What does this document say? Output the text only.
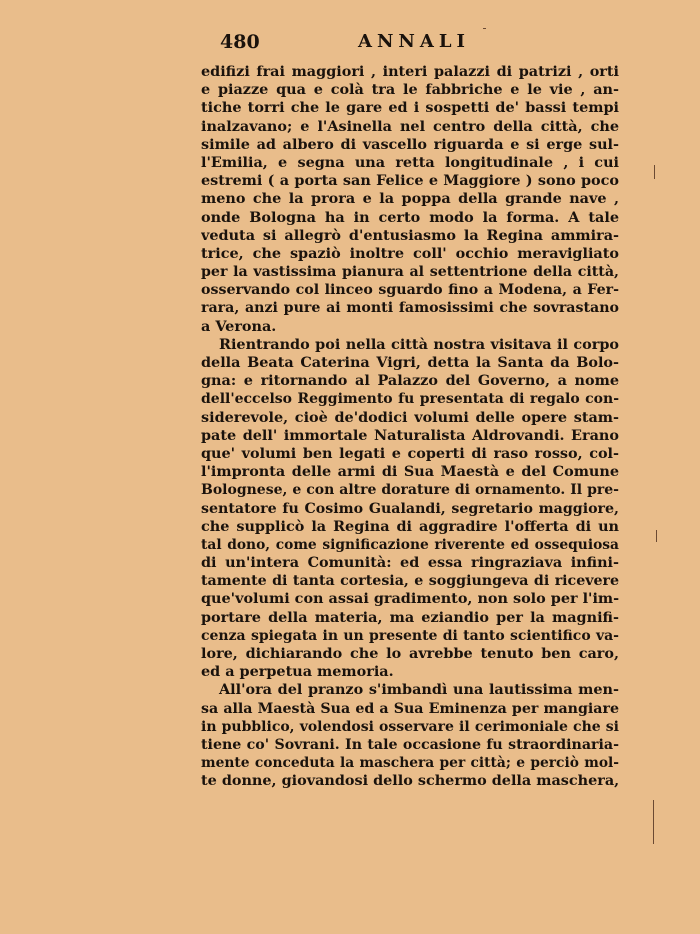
480	ANNALI
edifizi frai maggiori , interi palazzi di patrizi , orti
e piazze qua e colà tra le fabbriche e le vie , an-
tiche torri che le gare ed i sospetti de' bassi tempi
inalzavano; e l'Asinella nel centro della città, che
simile ad albero di vascello riguarda e si erge sul-
l'Emilia, e segna una retta longitudinale , i cui
estremi ( a porta san Felice e Maggiore ) sono poco
meno che la prora e la poppa della grande nave ,
onde Bologna ha in certo modo la forma. A tale
veduta si allegrò d'entusiasmo la Regina ammira-
trice, che spaziò inoltre coll' occhio meravigliato
per la vastissima pianura al settentrione della città,
osservando col linceo sguardo fino a Modena, a Fer-
rara, anzi pure ai monti famosissimi che sovrastano
a Verona.
Rientrando poi nella città nostra visitava il corpo
della Beata Caterina Vigri, detta la Santa da Bolo-
gna: e ritornando al Palazzo del Governo, a nome
dell'eccelso Reggimento fu presentata di regalo con-
siderevole, cioè de'dodici volumi delle opere stam-
pate dell' immortale Naturalista Aldrovandi. Erano
que' volumi ben legati e coperti di raso rosso, col-
l'impronta delle armi di Sua Maestà e del Comune
Bolognese, e con altre dorature di ornamento. Il pre-
sentatore fu Cosimo Gualandi, segretario maggiore,
che supplicò la Regina di aggradire l'offerta di un
tal dono, come significazione riverente ed ossequiosa
di un'intera Comunità: ed essa ringraziava infini-
tamente di tanta cortesia, e soggiungeva di ricevere
que'volumi con assai gradimento, non solo per l'im-
portare della materia, ma eziandio per la magnifi-
cenza spiegata in un presente di tanto scientifico va-
lore, dichiarando che lo avrebbe tenuto ben caro,
ed a perpetua memoria.
All'ora del pranzo s'imbandì una lautissima men-
sa alla Maestà Sua ed a Sua Eminenza per mangiare
in pubblico, volendosi osservare il cerimoniale che si
tiene co' Sovrani. In tale occasione fu straordinaria-
mente conceduta la maschera per città; e perciò mol-
te donne, giovandosi dello schermo della maschera,
